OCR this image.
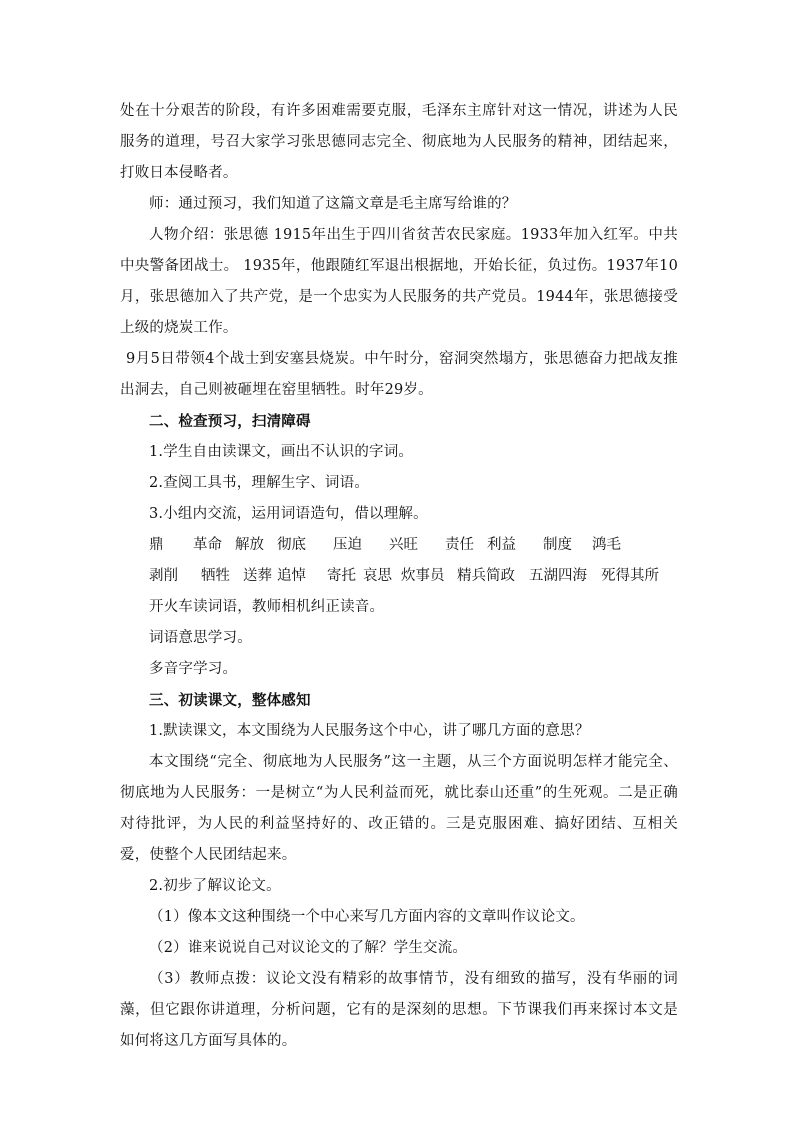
处在十分艰苦的阶段，有许多困难需要克服，毛泽东主席针对这一情况，讲述为人民服务的道理，号召大家学习张思德同志完全、彻底地为人民服务的精神，团结起来，打败日本侵略者。

师：通过预习，我们知道了这篇文章是毛主席写给谁的？

人物介绍：张思德 1915年出生于四川省贫苦农民家庭。1933年加入红军。中共中央警备团战士。 1935年，他跟随红军退出根据地，开始长征，负过伤。1937年10月，张思德加入了共产党，是一个忠实为人民服务的共产党员。1944年，张思德接受上级的烧炭工作。

9月5日带领4个战士到安塞县烧炭。中午时分，窑洞突然塌方，张思德奋力把战友推出洞去，自己则被砸埋在窑里牺牲。时年29岁。

二、检查预习，扫清障碍

1.学生自由读课文，画出不认识的字词。

2.查阅工具书，理解生字、词语。

3.小组内交流，运用词语造句，借以理解。

鼎 革命 解放 彻底 压迫 兴旺 责任 利益 制度 鸿毛
剥削 牺牲 送葬 追悼 寄托 哀思 炊事员 精兵简政 五湖四海 死得其所

开火车读词语，教师相机纠正读音。

词语意思学习。

多音字学习。

三、初读课文，整体感知

1.默读课文，本文围绕为人民服务这个中心，讲了哪几方面的意思？

本文围绕“完全、彻底地为人民服务”这一主题，从三个方面说明怎样才能完全、彻底地为人民服务：一是树立“为人民利益而死，就比泰山还重”的生死观。二是正确对待批评，为人民的利益坚持好的、改正错的。三是克服困难、搞好团结、互相关爱，使整个人民团结起来。

2.初步了解议论文。

（1）像本文这种围绕一个中心来写几方面内容的文章叫作议论文。

（2）谁来说说自己对议论文的了解？学生交流。

（3）教师点拨：议论文没有精彩的故事情节，没有细致的描写，没有华丽的词藻，但它跟你讲道理，分析问题，它有的是深刻的思想。下节课我们再来探讨本文是如何将这几方面写具体的。
